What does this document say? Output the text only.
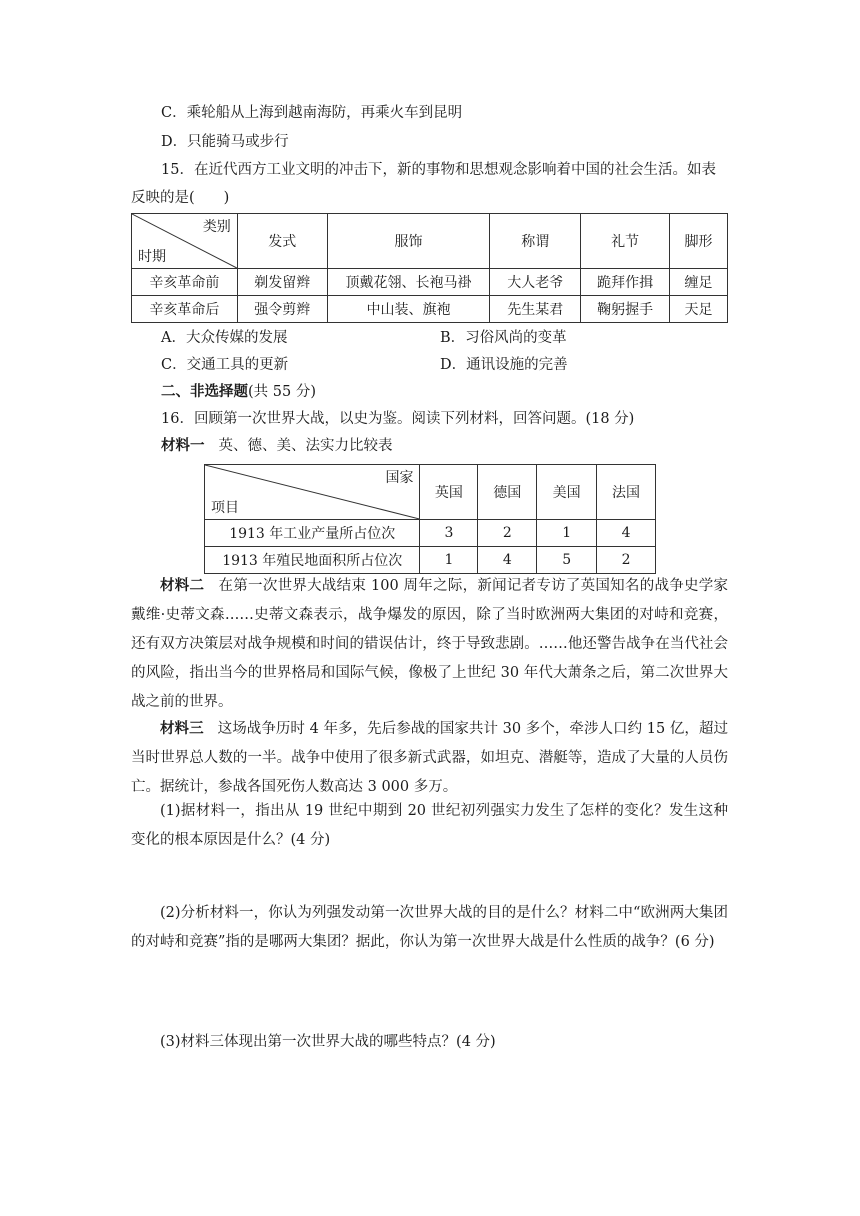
C．乘轮船从上海到越南海防，再乘火车到昆明
D．只能骑马或步行
15．在近代西方工业文明的冲击下，新的事物和思想观念影响着中国的社会生活。如表
反映的是(　　)
类别
时期	发式	服饰	称谓	礼节	脚形
辛亥革命前	剃发留辫	顶戴花翎、长袍马褂	大人老爷	跪拜作揖	缠足
辛亥革命后	强令剪辫	中山装、旗袍	先生某君	鞠躬握手	天足
A．大众传媒的发展	B．习俗风尚的变革
C．交通工具的更新	D．通讯设施的完善
二、非选择题(共 55 分)
16．回顾第一次世界大战，以史为鉴。阅读下列材料，回答问题。(18 分)
材料一 英、德、美、法实力比较表
国家
项目	英国	德国	美国	法国
1913 年工业产量所占位次	3	2	1	4
1913 年殖民地面积所占位次	1	4	5	2
材料二 在第一次世界大战结束 100 周年之际，新闻记者专访了英国知名的战争史学家戴维·史蒂文森……史蒂文森表示，战争爆发的原因，除了当时欧洲两大集团的对峙和竞赛，还有双方决策层对战争规模和时间的错误估计，终于导致悲剧。……他还警告战争在当代社会的风险，指出当今的世界格局和国际气候，像极了上世纪 30 年代大萧条之后，第二次世界大战之前的世界。
材料三 这场战争历时 4 年多，先后参战的国家共计 30 多个，牵涉人口约 15 亿，超过当时世界总人数的一半。战争中使用了很多新式武器，如坦克、潜艇等，造成了大量的人员伤亡。据统计，参战各国死伤人数高达 3 000 多万。
(1)据材料一，指出从 19 世纪中期到 20 世纪初列强实力发生了怎样的变化？发生这种变化的根本原因是什么？(4 分)
(2)分析材料一，你认为列强发动第一次世界大战的目的是什么？材料二中“欧洲两大集团的对峙和竞赛”指的是哪两大集团？据此，你认为第一次世界大战是什么性质的战争？(6 分)
(3)材料三体现出第一次世界大战的哪些特点？(4 分)
